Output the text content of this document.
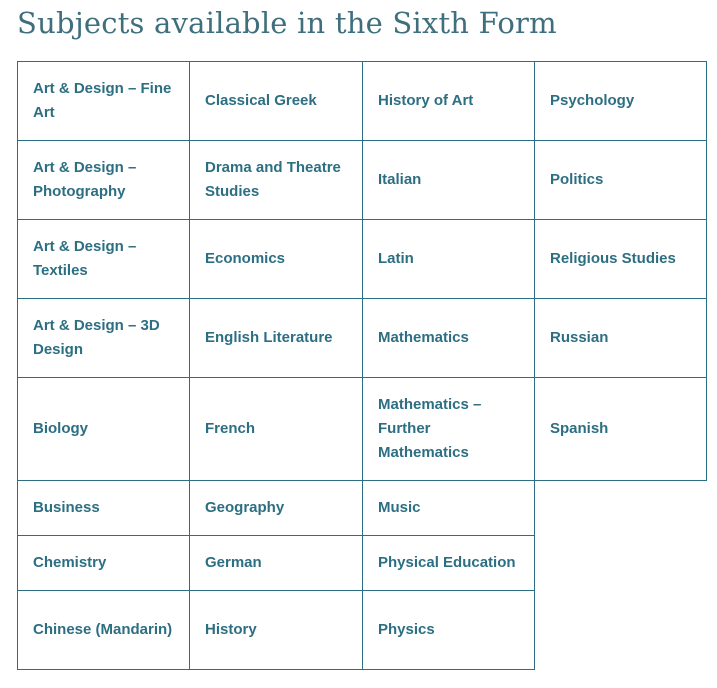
Subjects available in the Sixth Form
Art & Design – Fine Art	Classical Greek	History of Art	Psychology
Art & Design – Photography	Drama and Theatre Studies	Italian	Politics
Art & Design – Textiles	Economics	Latin	Religious Studies
Art & Design – 3D Design	English Literature	Mathematics	Russian
Biology	French	Mathematics – Further Mathematics	Spanish
Business	Geography	Music	
Chemistry	German	Physical Education	
Chinese (Mandarin)	History	Physics	
